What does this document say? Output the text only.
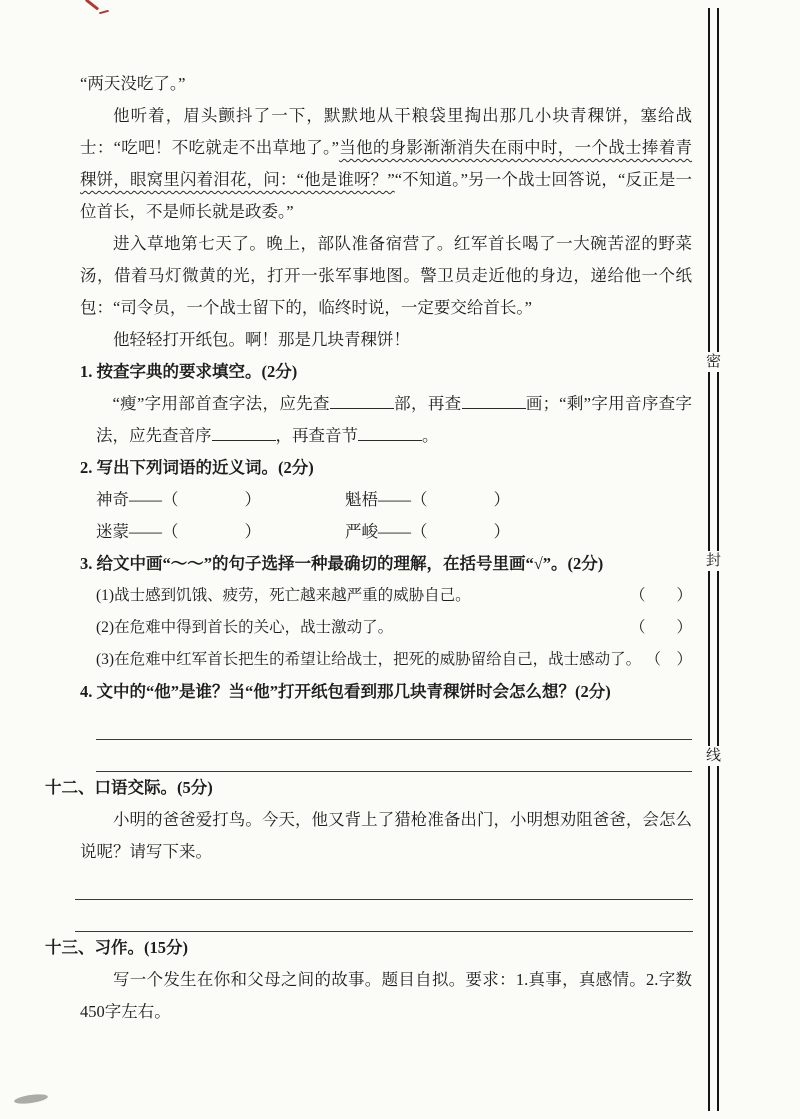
“两天没吃了。”

他听着，眉头颤抖了一下，默默地从干粮袋里掏出那几小块青稞饼，塞给战士：“吃吧！不吃就走不出草地了。”当他的身影渐渐消失在雨中时，一个战士捧着青稞饼，眼窝里闪着泪花，问：“他是谁呀？”“不知道。”另一个战士回答说，“反正是一位首长，不是师长就是政委。”

进入草地第七天了。晚上，部队准备宿营了。红军首长喝了一大碗苦涩的野菜汤，借着马灯微黄的光，打开一张军事地图。警卫员走近他的身边，递给他一个纸包：“司令员，一个战士留下的，临终时说，一定要交给首长。”

他轻轻打开纸包。啊！那是几块青稞饼！

1. 按查字典的要求填空。(2分)

“瘦”字用部首查字法，应先查	部，再查	画；“剩”字用音序查字法，应先查音序	，再查音节	。

2. 写出下列词语的近义词。(2分)

神奇——（　　　　）	魁梧——（　　　　）
迷蒙——（　　　　）	严峻——（　　　　）

3. 给文中画“～～”的句子选择一种最确切的理解，在括号里画“√”。(2分)

(1)战士感到饥饿、疲劳，死亡越来越严重的威胁自己。	（　　）
(2)在危难中得到首长的关心，战士激动了。	（　　）
(3)在危难中红军首长把生的希望让给战士，把死的威胁留给自己，战士感动了。 （　）

4. 文中的“他”是谁？当“他”打开纸包看到那几块青稞饼时会怎么想？(2分)

十二、口语交际。(5分)

小明的爸爸爱打鸟。今天，他又背上了猎枪准备出门，小明想劝阻爸爸，会怎么说呢？请写下来。

十三、习作。(15分)

写一个发生在你和父母之间的故事。题目自拟。要求：1.真事，真感情。2.字数450字左右。

密
封
线
